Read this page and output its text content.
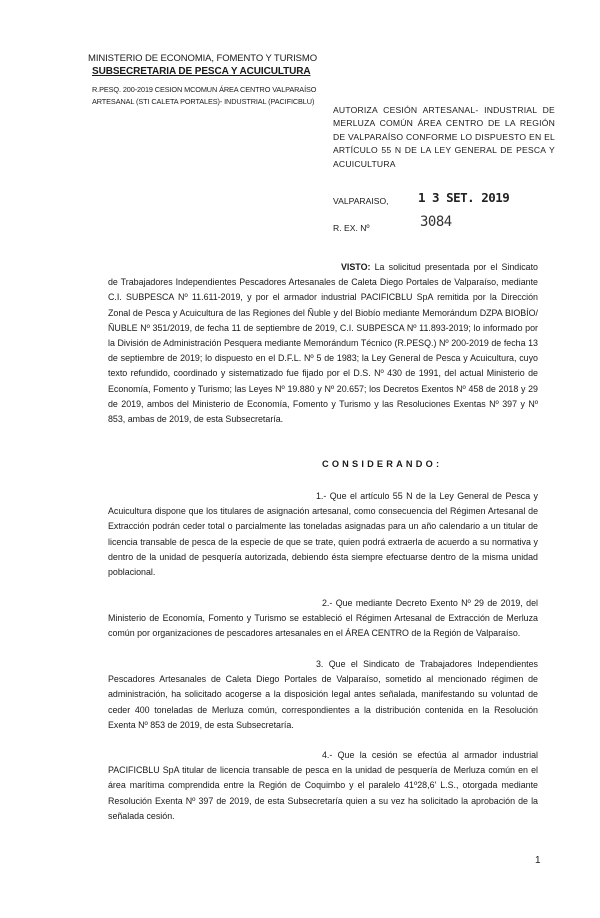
MINISTERIO DE ECONOMIA, FOMENTO Y TURISMO
SUBSECRETARIA DE PESCA Y ACUICULTURA
R.PESQ. 200-2019 CESION MCOMUN ÁREA CENTRO VALPARAÍSO
ARTESANAL (STI CALETA PORTALES)- INDUSTRIAL (PACIFICBLU)
AUTORIZA CESIÓN ARTESANAL- INDUSTRIAL DE MERLUZA COMÚN ÁREA CENTRO DE LA REGIÓN DE VALPARAÍSO CONFORME LO DISPUESTO EN EL ARTÍCULO 55 N DE LA LEY GENERAL DE PESCA Y ACUICULTURA
VALPARAISO, 1 3 SET. 2019
R. EX. Nº	3084
VISTO: La solicitud presentada por el Sindicato de Trabajadores Independientes Pescadores Artesanales de Caleta Diego Portales de Valparaíso, mediante C.I. SUBPESCA Nº 11.611-2019, y por el armador industrial PACIFICBLU SpA remitida por la Dirección Zonal de Pesca y Acuicultura de las Regiones del Ñuble y del Biobío mediante Memorándum DZPA BIOBÍO/ÑUBLE Nº 351/2019, de fecha 11 de septiembre de 2019, C.I. SUBPESCA Nº 11.893-2019; lo informado por la División de Administración Pesquera mediante Memorándum Técnico (R.PESQ.) Nº 200-2019 de fecha 13 de septiembre de 2019; lo dispuesto en el D.F.L. Nº 5 de 1983; la Ley General de Pesca y Acuicultura, cuyo texto refundido, coordinado y sistematizado fue fijado por el D.S. Nº 430 de 1991, del actual Ministerio de Economía, Fomento y Turismo; las Leyes Nº 19.880 y Nº 20.657; los Decretos Exentos Nº 458 de 2018 y 29 de 2019, ambos del Ministerio de Economía, Fomento y Turismo y las Resoluciones Exentas Nº 397 y Nº 853, ambas de 2019, de esta Subsecretaría.
CONSIDERANDO:
1.- Que el artículo 55 N de la Ley General de Pesca y Acuicultura dispone que los titulares de asignación artesanal, como consecuencia del Régimen Artesanal de Extracción podrán ceder total o parcialmente las toneladas asignadas para un año calendario a un titular de licencia transable de pesca de la especie de que se trate, quien podrá extraerla de acuerdo a su normativa y dentro de la unidad de pesquería autorizada, debiendo ésta siempre efectuarse dentro de la misma unidad poblacional.
2.- Que mediante Decreto Exento Nº 29 de 2019, del Ministerio de Economía, Fomento y Turismo se estableció el Régimen Artesanal de Extracción de Merluza común por organizaciones de pescadores artesanales en el ÁREA CENTRO de la Región de Valparaíso.
3. Que el Sindicato de Trabajadores Independientes Pescadores Artesanales de Caleta Diego Portales de Valparaíso, sometido al mencionado régimen de administración, ha solicitado acogerse a la disposición legal antes señalada, manifestando su voluntad de ceder 400 toneladas de Merluza común, correspondientes a la distribución contenida en la Resolución Exenta Nº 853 de 2019, de esta Subsecretaría.
4.- Que la cesión se efectúa al armador industrial PACIFICBLU SpA titular de licencia transable de pesca en la unidad de pesquería de Merluza común en el área marítima comprendida entre la Región de Coquimbo y el paralelo 41º28,6' L.S., otorgada mediante Resolución Exenta Nº 397 de 2019, de esta Subsecretaría quien a su vez ha solicitado la aprobación de la señalada cesión.
1
